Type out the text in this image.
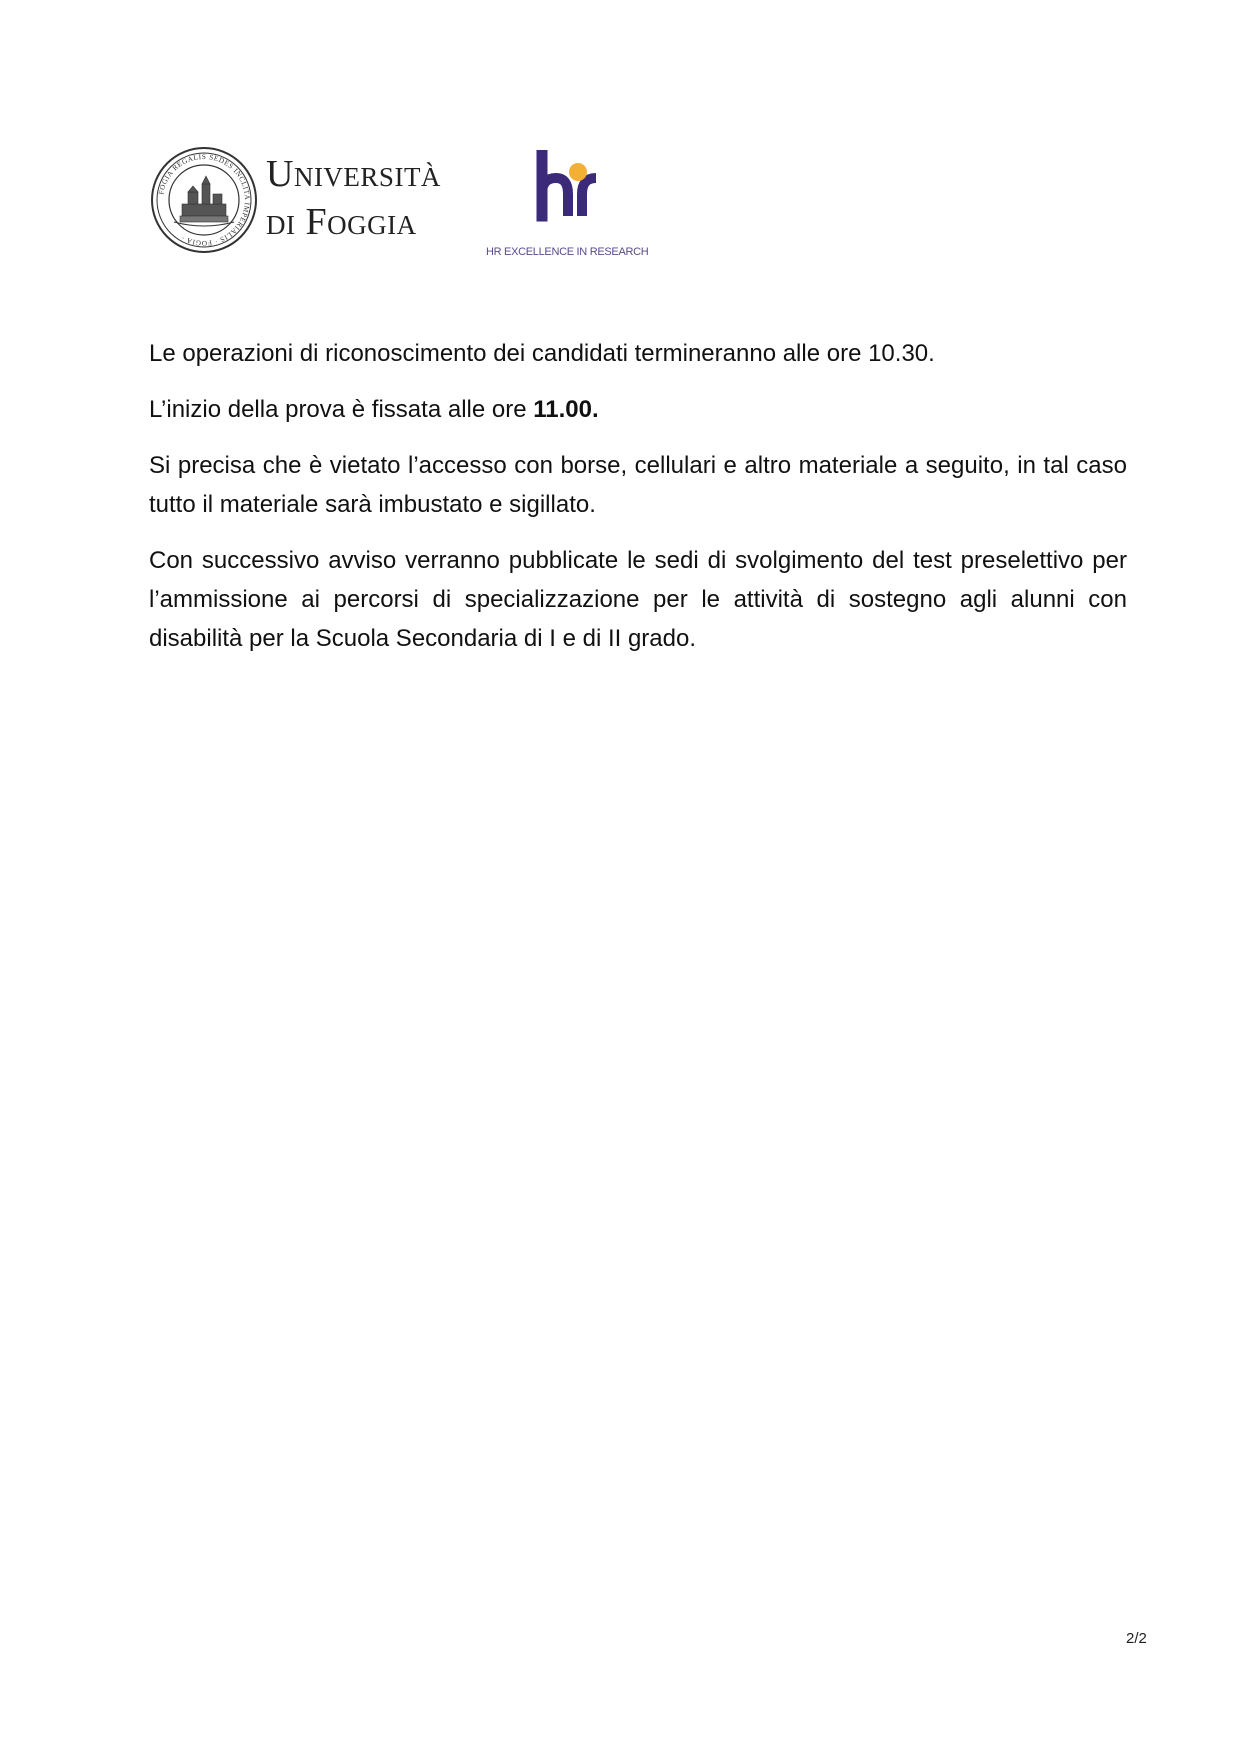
FOGIA REGALIS SEDES INCLITA IMPERIALIS · FOGIA ·
Università
di Foggia
HR EXCELLENCE IN RESEARCH

Le operazioni di riconoscimento dei candidati termineranno alle ore 10.30.

L’inizio della prova è fissata alle ore 11.00.

Si precisa che è vietato l’accesso con borse, cellulari e altro materiale a seguito, in tal caso tutto il materiale sarà imbustato e sigillato.

Con successivo avviso verranno pubblicate le sedi di svolgimento del test preselettivo per l’ammissione ai percorsi di specializzazione per le attività di sostegno agli alunni con disabilità per la Scuola Secondaria di I e di II grado.

2/2
